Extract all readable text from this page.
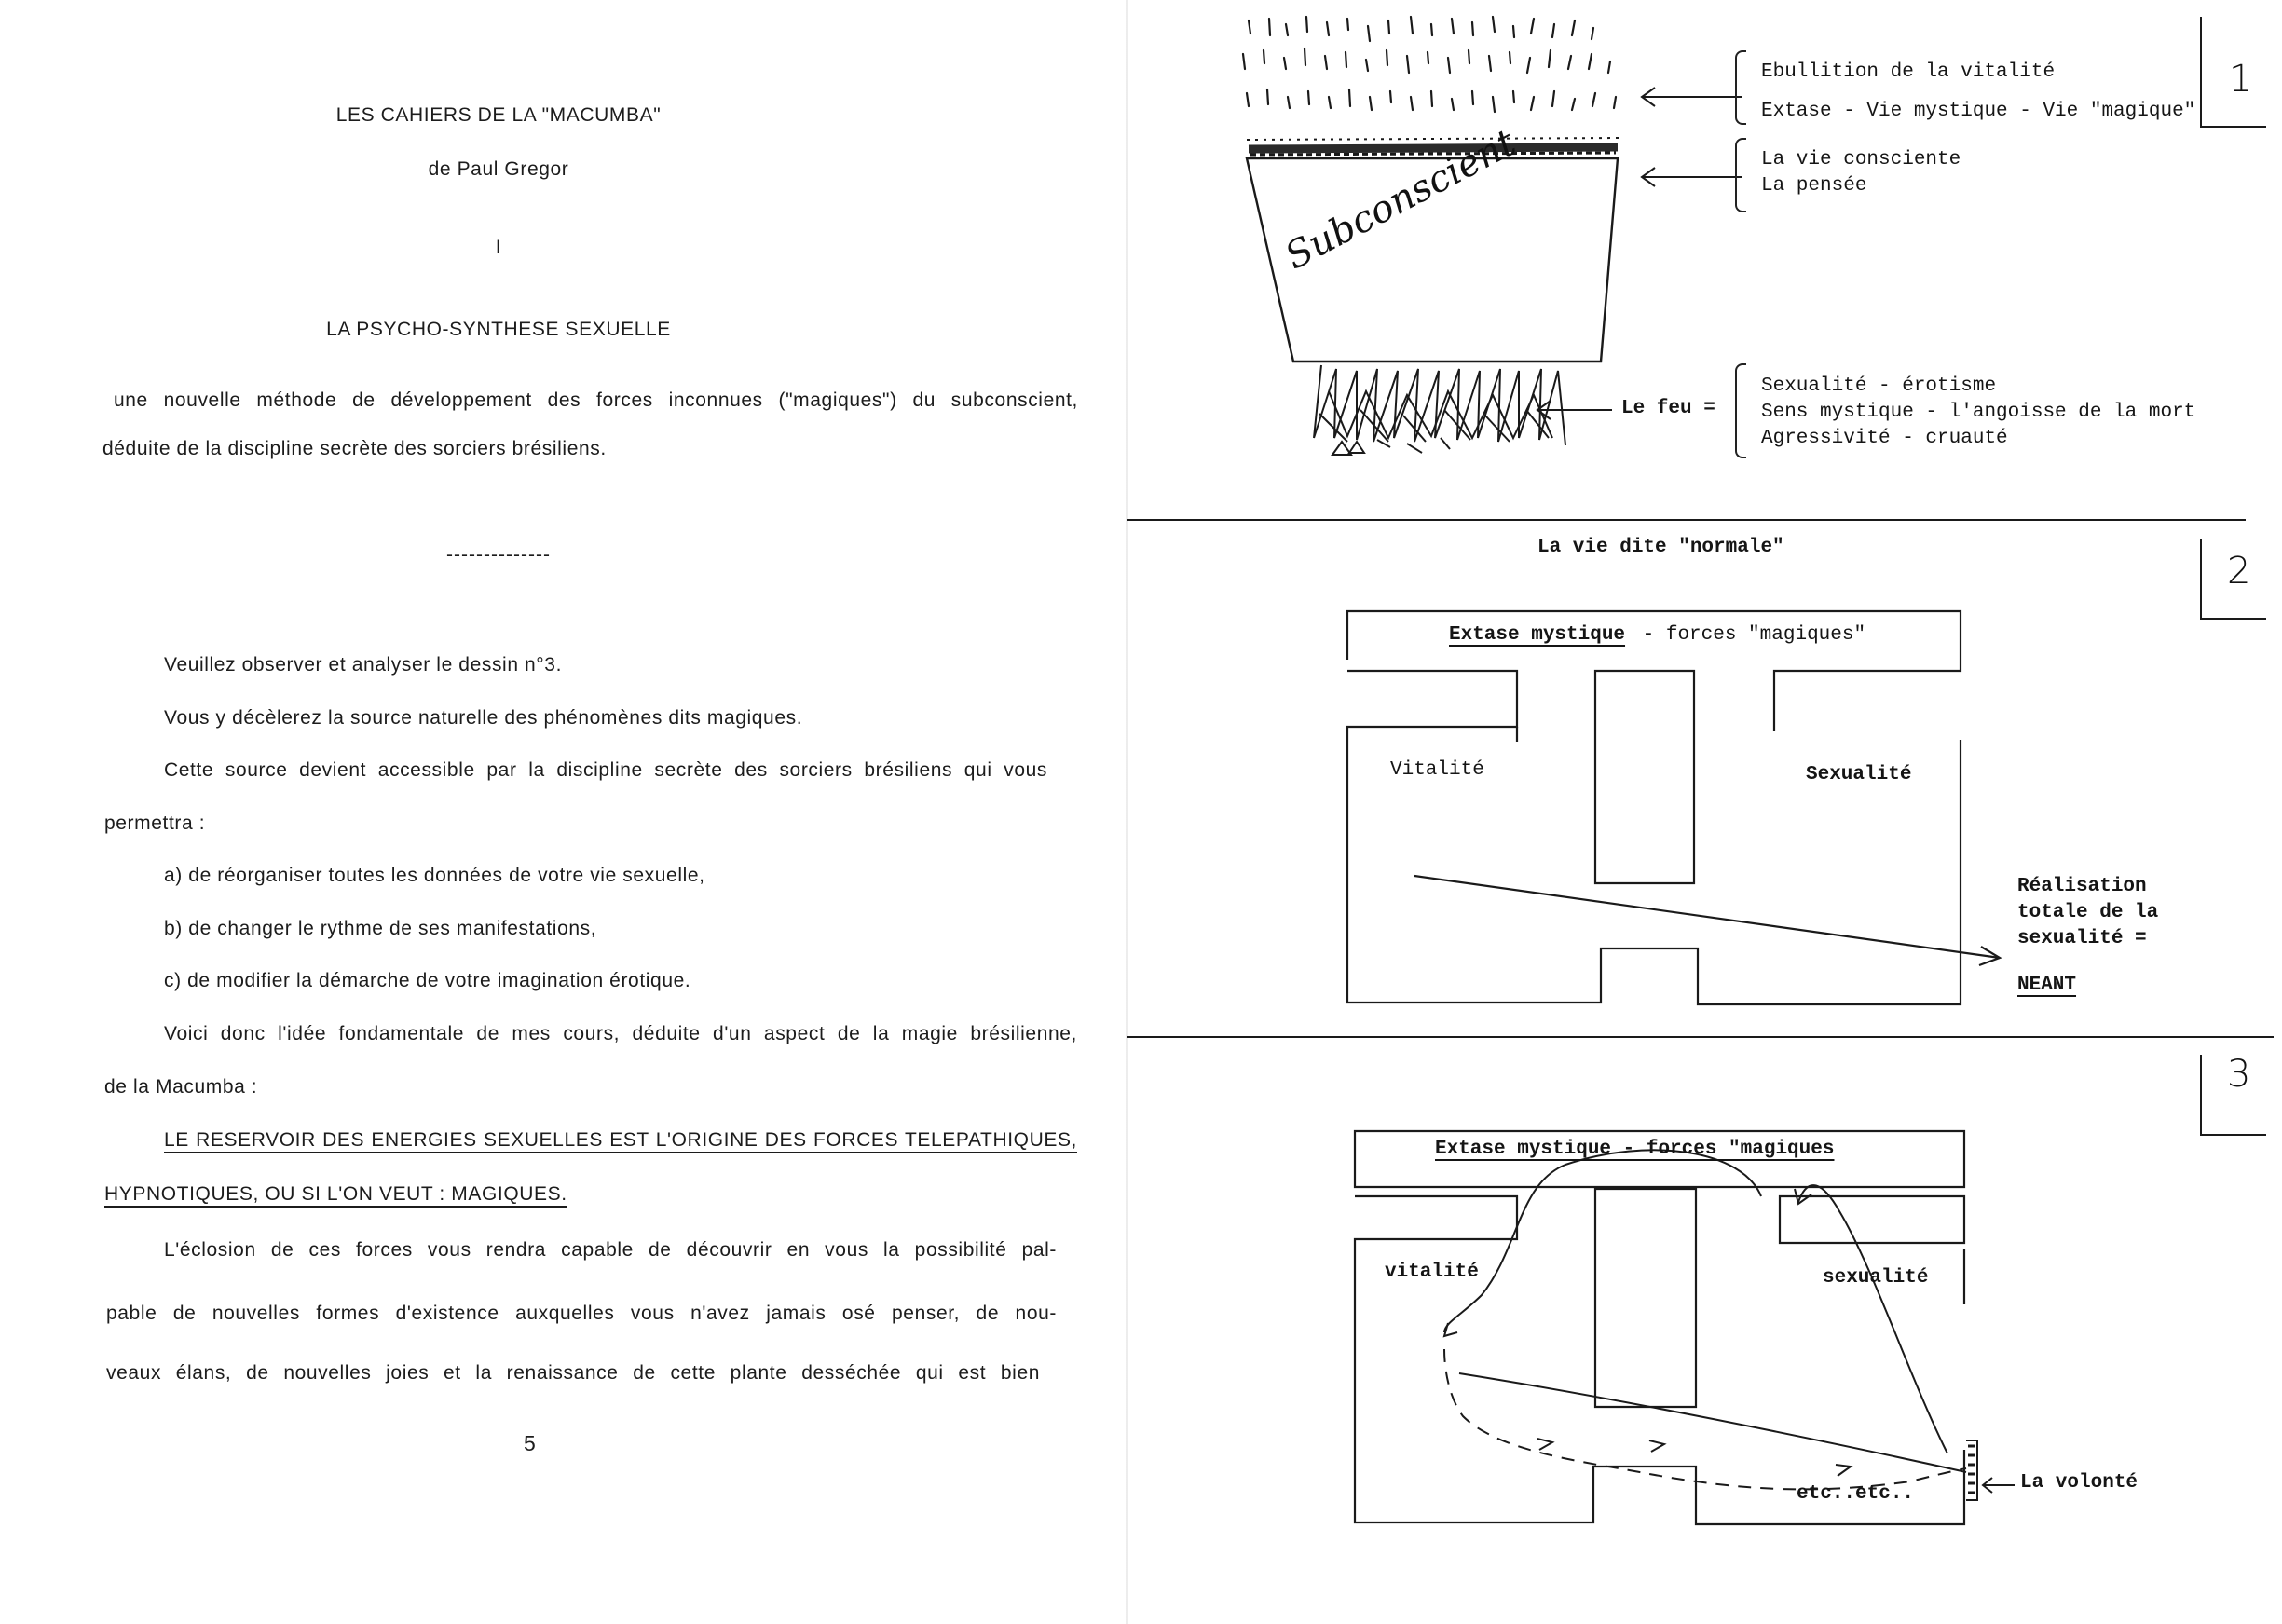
LES CAHIERS DE LA "MACUMBA"
de Paul Gregor
I
LA PSYCHO-SYNTHESE SEXUELLE
une nouvelle méthode de développement des forces inconnues ("magiques") du subconscient,
déduite de la discipline secrète des sorciers brésiliens.
--------------
Veuillez observer et analyser le dessin n°3.
Vous y décèlerez la source naturelle des phénomènes dits magiques.
Cette source devient accessible par la discipline secrète des sorciers brésiliens qui vous
permettra :
a) de réorganiser toutes les données de votre vie sexuelle,
b) de changer le rythme de ses manifestations,
c) de modifier la démarche de votre imagination érotique.
Voici donc l'idée fondamentale de mes cours, déduite d'un aspect de la magie brésilienne,
de la Macumba :
LE RESERVOIR DES ENERGIES SEXUELLES EST L'ORIGINE DES FORCES TELEPATHIQUES,
HYPNOTIQUES, OU SI L'ON VEUT : MAGIQUES.
L'éclosion de ces forces vous rendra capable de découvrir en vous la possibilité pal-
pable de nouvelles formes d'existence auxquelles vous n'avez jamais osé penser, de nou-
veaux élans, de nouvelles joies et la renaissance de cette plante desséchée qui est bien
5
Subconscient
Ebullition de la vitalité
Extase - Vie mystique - Vie "magique"
La vie consciente
La pensée
Le feu =
Sexualité - érotisme
Sens mystique - l'angoisse de la mort
Agressivité - cruauté
1
La vie dite "normale"
2
Extase mystique - forces "magiques"
Vitalité	Sexualité
Réalisation
totale de la
sexualité =
NEANT
3
Extase mystique - forces "magiques
vitalité	sexualité
etc..etc..
La volonté
